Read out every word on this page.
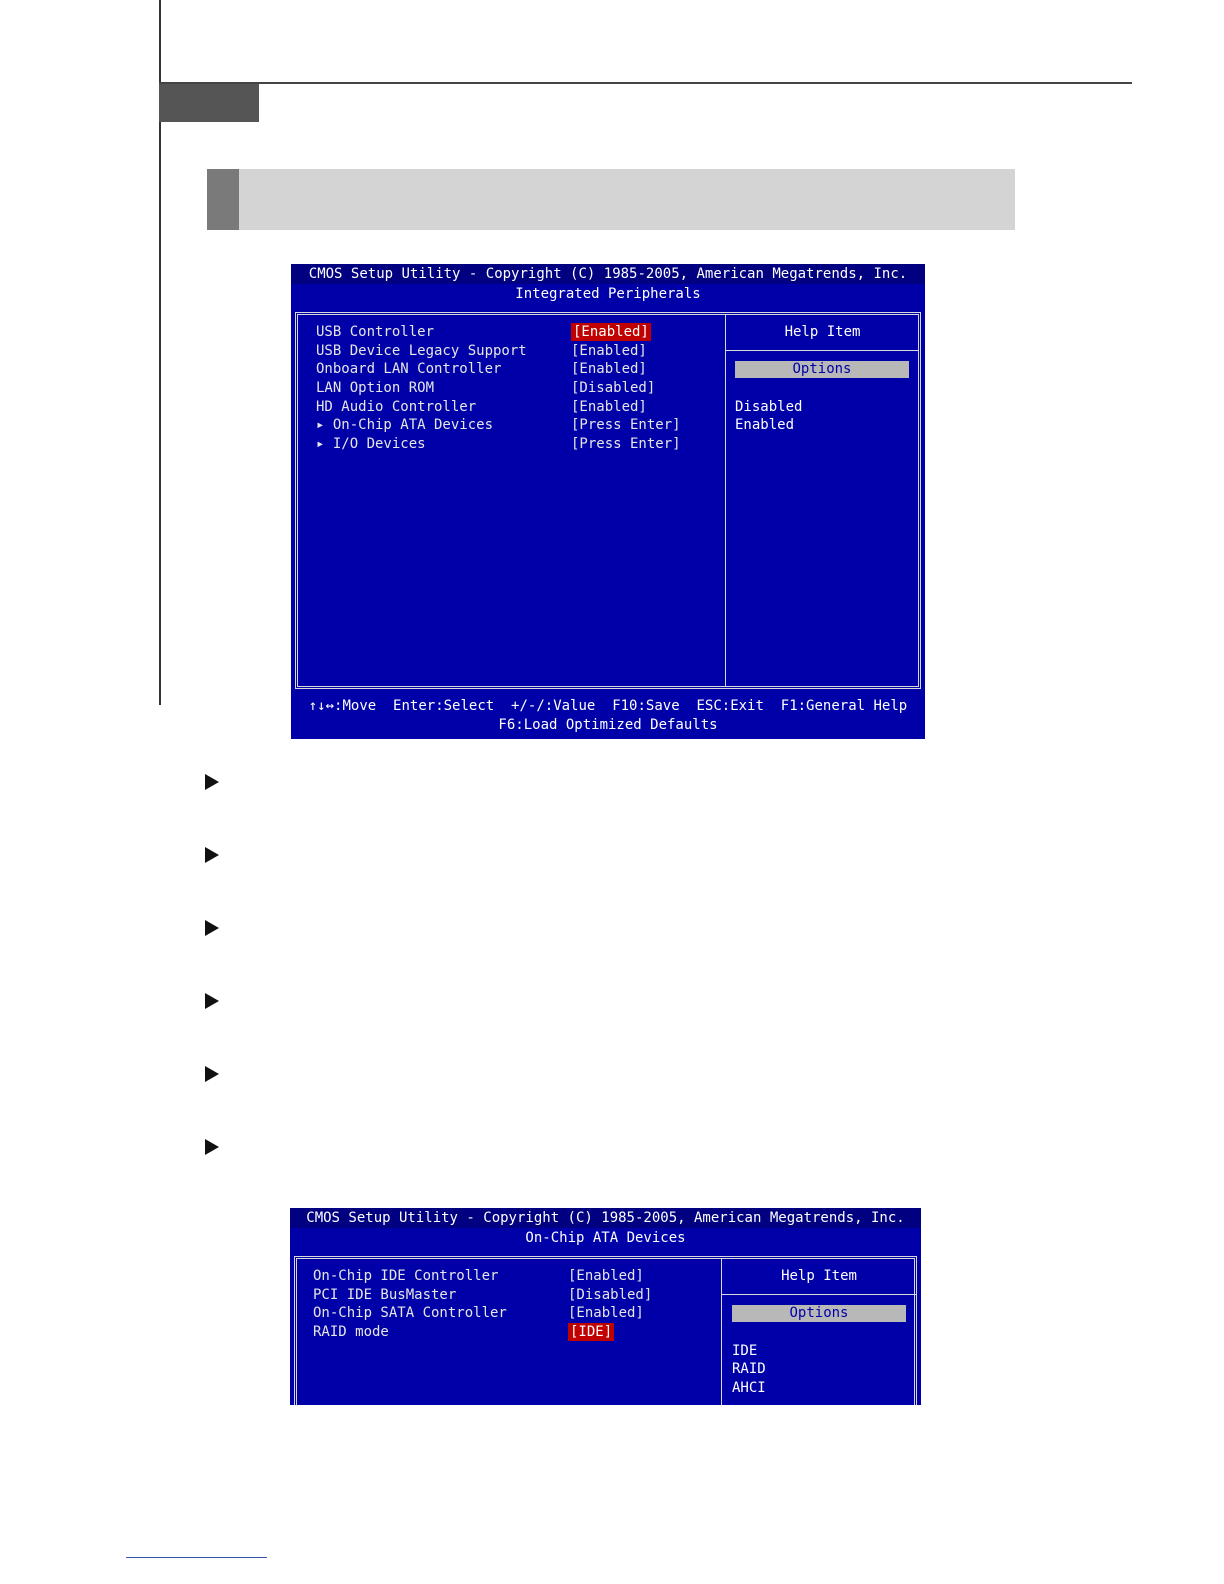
CMOS Setup Utility - Copyright (C) 1985-2005, American Megatrends, Inc.
Integrated Peripherals
USB Controller	[Enabled]
USB Device Legacy Support	[Enabled]
Onboard LAN Controller	[Enabled]
LAN Option ROM	[Disabled]
HD Audio Controller	[Enabled]
▸ On-Chip ATA Devices	[Press Enter]
▸ I/O Devices	[Press Enter]
Help Item
Options
Disabled
Enabled
↑↓↔:Move  Enter:Select  +/-/:Value  F10:Save  ESC:Exit  F1:General Help
F6:Load Optimized Defaults
CMOS Setup Utility - Copyright (C) 1985-2005, American Megatrends, Inc.
On-Chip ATA Devices
On-Chip IDE Controller	[Enabled]
PCI IDE BusMaster	[Disabled]
On-Chip SATA Controller	[Enabled]
RAID mode	[IDE]
Help Item
Options
IDE
RAID
AHCI
